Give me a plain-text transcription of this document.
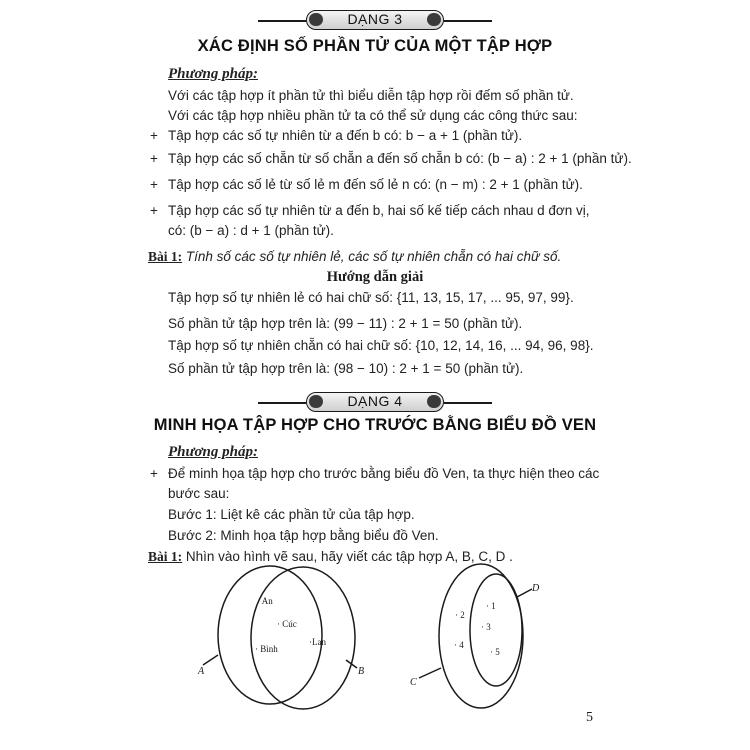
DẠNG 3
XÁC ĐỊNH SỐ PHẦN TỬ CỦA MỘT TẬP HỢP
Phương pháp:
Với các tập hợp ít phần tử thì biểu diễn tập hợp rồi đếm số phần tử.
Với các tập hợp nhiều phần tử ta có thể sử dụng các công thức sau:
+ Tập hợp các số tự nhiên từ a đến b có: b − a + 1 (phần tử).
+ Tập hợp các số chẵn từ số chẵn a đến số chẵn b có: (b − a) : 2 + 1 (phần tử).
+ Tập hợp các số lẻ từ số lẻ m đến số lẻ n có: (n − m) : 2 + 1 (phần tử).
+ Tập hợp các số tự nhiên từ a đến b, hai số kế tiếp cách nhau d đơn vị,
có: (b − a) : d + 1 (phần tử).
Bài 1: Tính số các số tự nhiên lẻ, các số tự nhiên chẵn có hai chữ số.
Hướng dẫn giải
Tập hợp số tự nhiên lẻ có hai chữ số: {11, 13, 15, 17, ... 95, 97, 99}.
Số phần tử tập hợp trên là: (99 − 11) : 2 + 1 = 50 (phần tử).
Tập hợp số tự nhiên chẵn có hai chữ số: {10, 12, 14, 16, ... 94, 96, 98}.
Số phần tử tập hợp trên là: (98 − 10) : 2 + 1 = 50 (phần tử).
DẠNG 4
MINH HỌA TẬP HỢP CHO TRƯỚC BẰNG BIỂU ĐỒ VEN
Phương pháp:
+ Để minh họa tập hợp cho trước bằng biểu đồ Ven, ta thực hiện theo các
bước sau:
Bước 1: Liệt kê các phần tử của tập hợp.
Bước 2: Minh họa tập hợp bằng biểu đồ Ven.
Bài 1: Nhìn vào hình vẽ sau, hãy viết các tập hợp A, B, C, D .
· An
· Cúc
· Bình
·Lan
A	B
· 1
· 2
· 3
· 4
· 5
C
D
5
